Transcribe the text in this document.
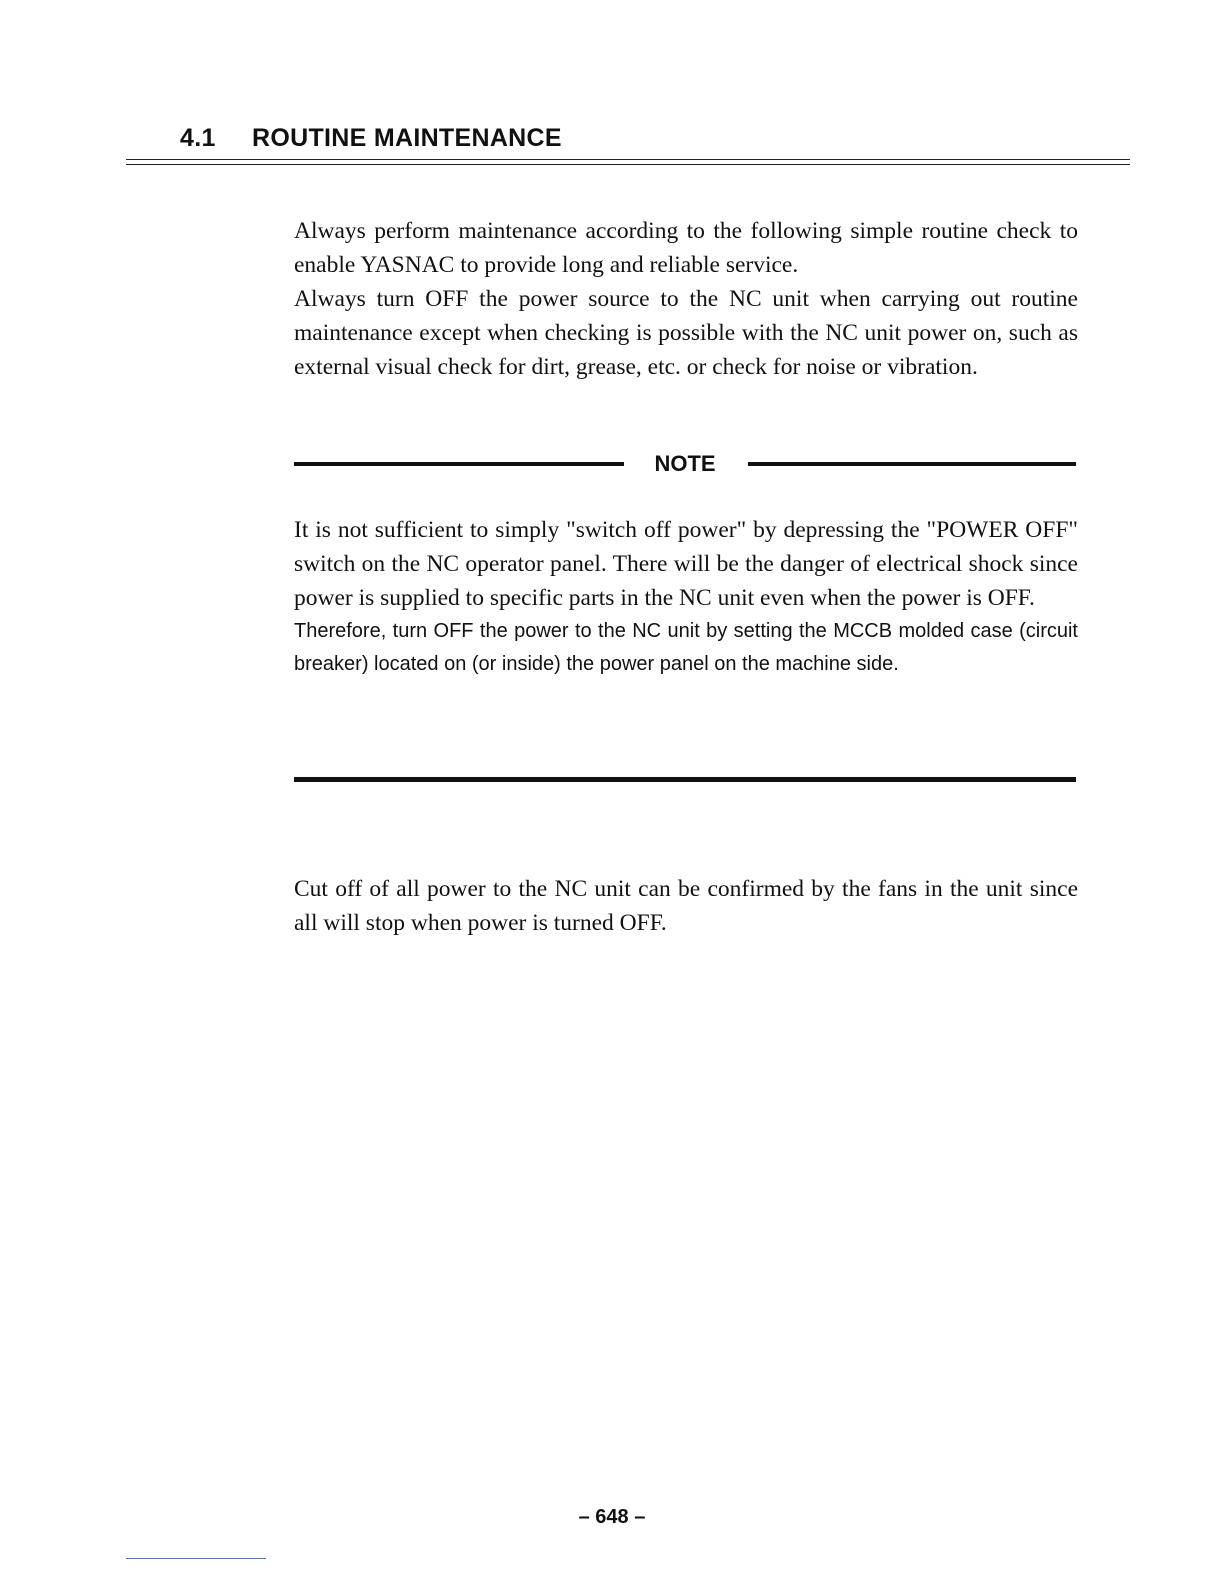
4.1 ROUTINE MAINTENANCE

Always perform maintenance according to the following simple routine check to enable YASNAC to provide long and reliable service.

Always turn OFF the power source to the NC unit when carrying out routine maintenance except when checking is possible with the NC unit power on, such as external visual check for dirt, grease, etc. or check for noise or vibration.

NOTE

It is not sufficient to simply "switch off power" by depressing the "POWER OFF" switch on the NC operator panel. There will be the danger of electrical shock since power is supplied to specific parts in the NC unit even when the power is OFF.

Therefore, turn OFF the power to the NC unit by setting the MCCB molded case (circuit breaker) located on (or inside) the power panel on the machine side.

Cut off of all power to the NC unit can be confirmed by the fans in the unit since all will stop when power is turned OFF.

– 648 –
